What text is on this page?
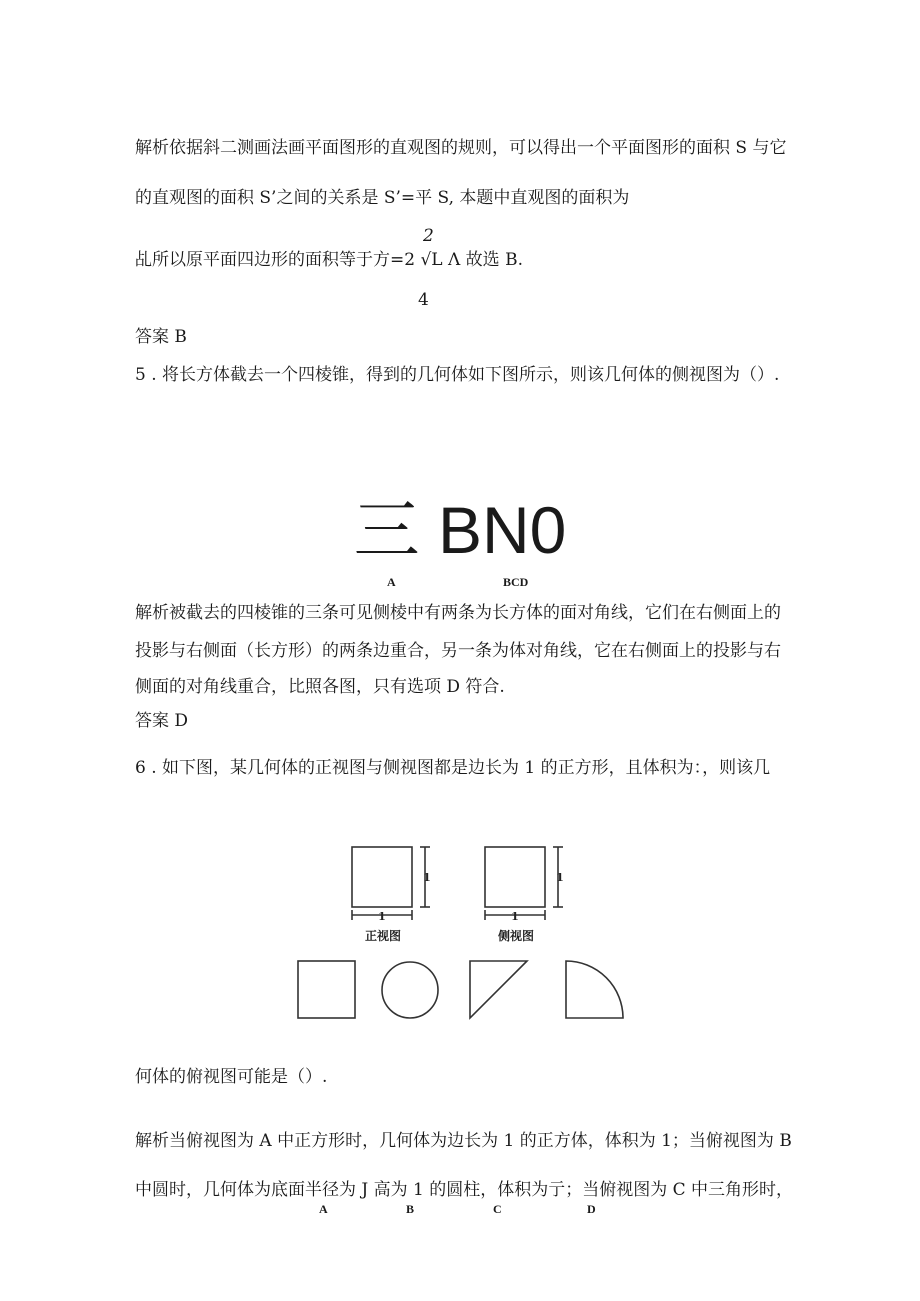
解析依据斜二测画法画平面图形的直观图的规则，可以得出一个平面图形的面积 S 与它
的直观图的面积 S’之间的关系是 S’=平 S, 本题中直观图的面积为
2
乩所以原平面四边形的面积等于方=2 √L Λ 故选 B.
4
答案 B
5 . 将长方体截去一个四棱锥，得到的几何体如下图所示，则该几何体的侧视图为（）.
三 BN0
A	BCD
解析被截去的四棱锥的三条可见侧棱中有两条为长方体的面对角线，它们在右侧面上的
投影与右侧面（长方形）的两条边重合，另一条为体对角线，它在右侧面上的投影与右
侧面的对角线重合，比照各图，只有选项 D 符合.
答案 D
6 . 如下图，某几何体的正视图与侧视图都是边长为 1 的正方形，且体积为：，则该几

1
1
1
1
正视图	侧视图
何体的俯视图可能是（）.
解析当俯视图为 A 中正方形时，几何体为边长为 1 的正方体，体积为 1；当俯视图为 B
中圆时，几何体为底面半径为 J 高为 1 的圆柱，体积为亍；当俯视图为 C 中三角形时，
A	B	C	D
